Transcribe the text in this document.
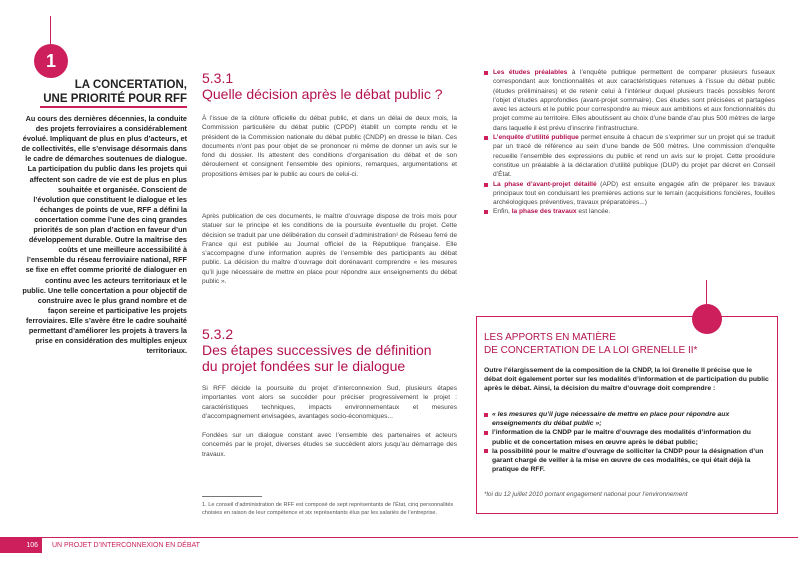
1
LA CONCERTATION,
UNE PRIORITÉ POUR RFF
Au cours des dernières décennies, la conduite des projets ferroviaires a considérablement évolué. Impliquant de plus en plus d’acteurs, et de collectivités, elle s’envisage désormais dans le cadre de démarches soutenues de dialogue. La participation du public dans les projets qui affectent son cadre de vie est de plus en plus souhaitée et organisée. Conscient de l’évolution que constituent le dialogue et les échanges de points de vue, RFF a défini la concertation comme l’une des cinq grandes priorités de son plan d’action en faveur d’un développement durable. Outre la maîtrise des coûts et une meilleure accessibilité à l’ensemble du réseau ferroviaire national, RFF se fixe en effet comme priorité de dialoguer en continu avec les acteurs territoriaux et le public. Une telle concertation a pour objectif de construire avec le plus grand nombre et de façon sereine et participative les projets ferroviaires. Elle s’avère être le cadre souhaité permettant d’améliorer les projets à travers la prise en considération des multiples enjeux territoriaux.
5.3.1
Quelle décision après le débat public ?
À l’issue de la clôture officielle du débat public, et dans un délai de deux mois, la Commission particulière du débat public (CPDP) établit un compte rendu et le président de la Commission nationale du débat public (CNDP) en dresse le bilan. Ces documents n’ont pas pour objet de se prononcer ni même de donner un avis sur le fond du dossier. Ils attestent des conditions d’organisation du débat et de son déroulement et consignent l’ensemble des opinions, remarques, argumentations et propositions émises par le public au cours de celui-ci.
Après publication de ces documents, le maître d’ouvrage dispose de trois mois pour statuer sur le principe et les conditions de la poursuite éventuelle du projet. Cette décision se traduit par une délibération du conseil d’administration¹ de Réseau ferré de France qui est publiée au Journal officiel de la République française. Elle s’accompagne d’une information auprès de l’ensemble des participants au débat public. La décision du maître d’ouvrage doit dorénavant comprendre « les mesures qu’il juge nécessaire de mettre en place pour répondre aux enseignements du débat public ».
5.3.2
Des étapes successives de définition
du projet fondées sur le dialogue
Si RFF décide la poursuite du projet d’interconnexion Sud, plusieurs étapes importantes vont alors se succéder pour préciser progressivement le projet : caractéristiques techniques, impacts environnementaux et mesures d’accompagnement envisagées, avantages socio-économiques...
Fondées sur un dialogue constant avec l’ensemble des partenaires et acteurs concernés par le projet, diverses études se succèdent alors jusqu’au démarrage des travaux.
1. Le conseil d’administration de RFF est composé de sept représentants de l’État, cinq personnalités choisies en raison de leur compétence et six représentants élus par les salariés de l’entreprise.
Les études préalables à l’enquête publique permettent de comparer plusieurs fuseaux correspondant aux fonctionnalités et aux caractéristiques retenues à l’issue du débat public (études préliminaires) et de retenir celui à l’intérieur duquel plusieurs tracés possibles feront l’objet d’études approfondies (avant-projet sommaire). Ces études sont précisées et partagées avec les acteurs et le public pour correspondre au mieux aux ambitions et aux fonctionnalités du projet comme au territoire. Elles aboutissent au choix d’une bande d’au plus 500 mètres de large dans laquelle il est prévu d’inscrire l’infrastructure.
L’enquête d’utilité publique permet ensuite à chacun de s’exprimer sur un projet qui se traduit par un tracé de référence au sein d’une bande de 500 mètres. Une commission d’enquête recueille l’ensemble des expressions du public et rend un avis sur le projet. Cette procédure constitue un préalable à la déclaration d’utilité publique (DUP) du projet par décret en Conseil d’État.
La phase d’avant-projet détaillé (APD) est ensuite engagée afin de préparer les travaux principaux tout en conduisant les premières actions sur le terrain (acquisitions foncières, fouilles archéologiques préventives, travaux préparatoires...)
Enfin, la phase des travaux est lancée.
LES APPORTS EN MATIÈRE
DE CONCERTATION DE LA LOI GRENELLE II*
Outre l’élargissement de la composition de la CNDP, la loi Grenelle II précise que le débat doit également porter sur les modalités d’information et de participation du public après le débat. Ainsi, la décision du maître d’ouvrage doit comprendre :
« les mesures qu’il juge nécessaire de mettre en place pour répondre aux enseignements du débat public »;
l’information de la CNDP par le maître d’ouvrage des modalités d’information du public et de concertation mises en œuvre après le débat public;
la possibilité pour le maître d’ouvrage de solliciter la CNDP pour la désignation d’un garant chargé de veiller à la mise en œuvre de ces modalités, ce qui était déjà la pratique de RFF.
*loi du 12 juillet 2010 portant engagement national pour l’environnement
106	UN PROJET D’INTERCONNEXION EN DÉBAT
